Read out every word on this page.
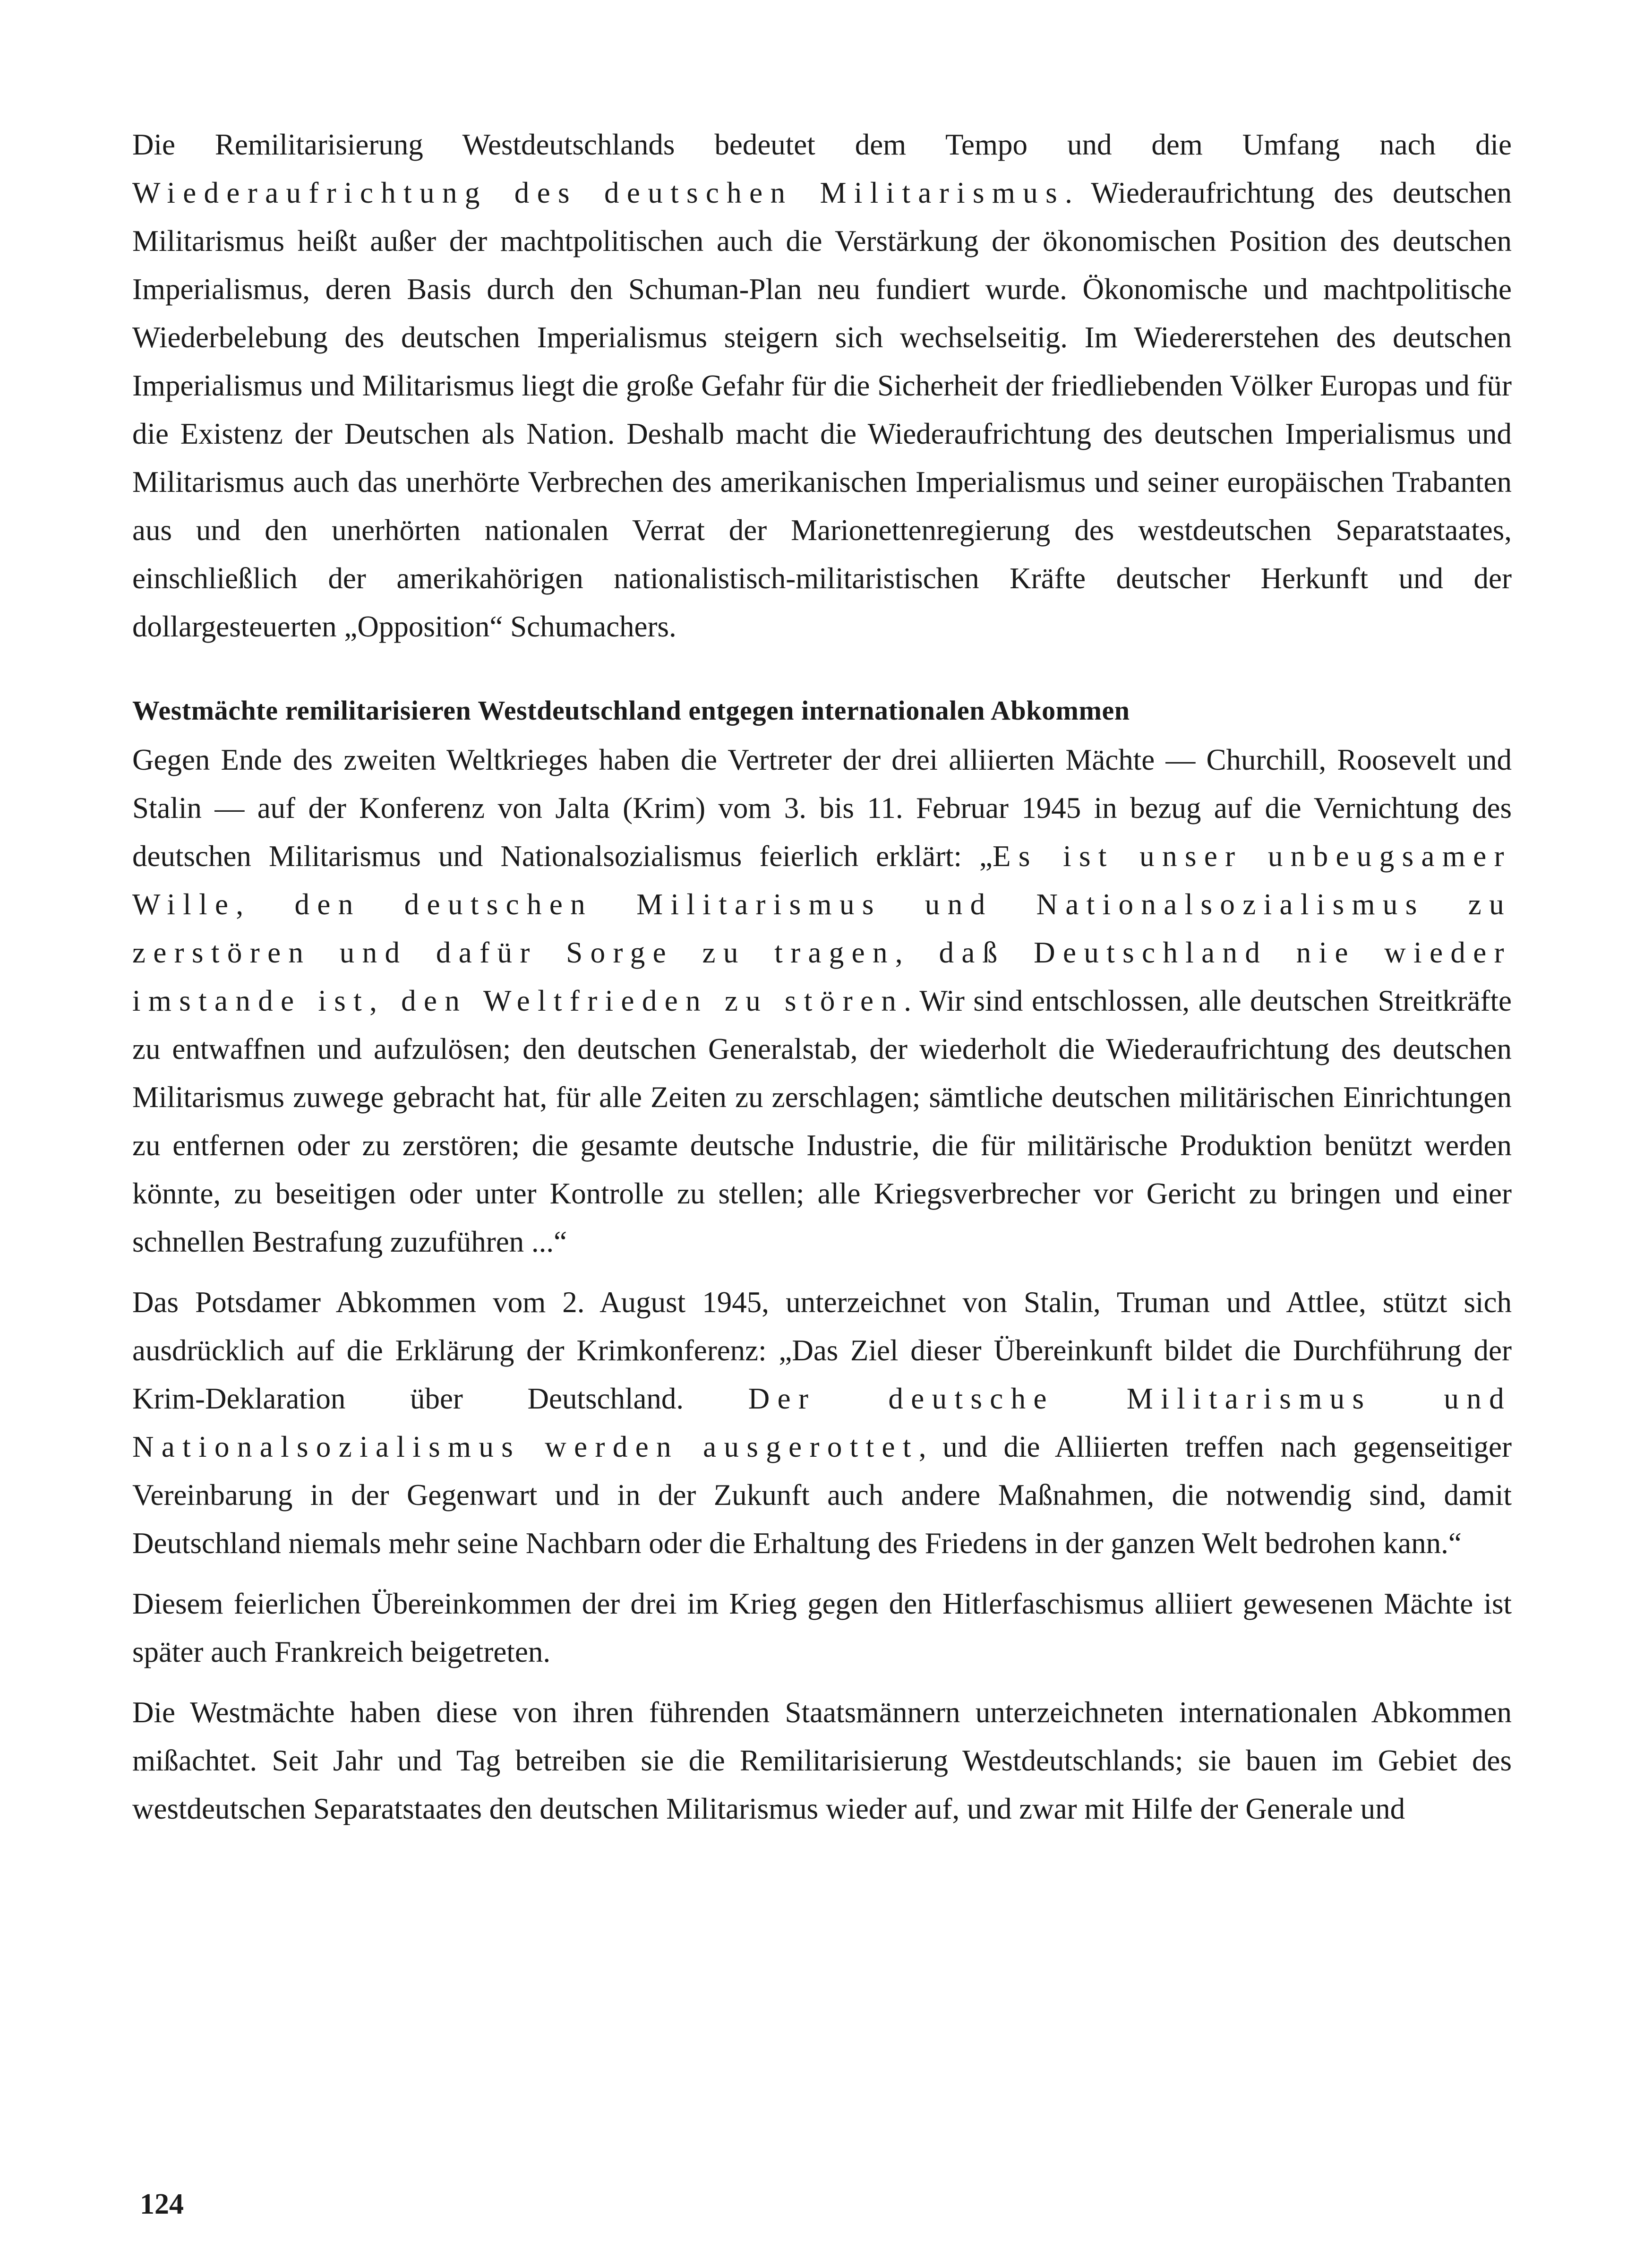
Die Remilitarisierung Westdeutschlands bedeutet dem Tempo und dem Umfang nach die Wiederaufrichtung des deutschen Militarismus. Wiederaufrichtung des deutschen Militarismus heißt außer der machtpolitischen auch die Verstärkung der ökonomischen Position des deutschen Imperialismus, deren Basis durch den Schuman-Plan neu fundiert wurde. Ökonomische und machtpolitische Wiederbelebung des deutschen Imperialismus steigern sich wechselseitig. Im Wiedererstehen des deutschen Imperialismus und Militarismus liegt die große Gefahr für die Sicherheit der friedliebenden Völker Europas und für die Existenz der Deutschen als Nation. Deshalb macht die Wiederaufrichtung des deutschen Imperialismus und Militarismus auch das unerhörte Verbrechen des amerikanischen Imperialismus und seiner europäischen Trabanten aus und den unerhörten nationalen Verrat der Marionettenregierung des westdeutschen Separatstaates, einschließlich der amerikahörigen nationalistisch-militaristischen Kräfte deutscher Herkunft und der dollargesteuerten „Opposition“ Schumachers.

Westmächte remilitarisieren Westdeutschland entgegen internationalen Abkommen

Gegen Ende des zweiten Weltkrieges haben die Vertreter der drei alliierten Mächte — Churchill, Roosevelt und Stalin — auf der Konferenz von Jalta (Krim) vom 3. bis 11. Februar 1945 in bezug auf die Vernichtung des deutschen Militarismus und Nationalsozialismus feierlich erklärt: „Es ist unser unbeugsamer Wille, den deutschen Militarismus und Nationalsozialismus zu zerstören und dafür Sorge zu tragen, daß Deutschland nie wieder imstande ist, den Weltfrieden zu stören. Wir sind entschlossen, alle deutschen Streitkräfte zu entwaffnen und aufzulösen; den deutschen Generalstab, der wiederholt die Wiederaufrichtung des deutschen Militarismus zuwege gebracht hat, für alle Zeiten zu zerschlagen; sämtliche deutschen militärischen Einrichtungen zu entfernen oder zu zerstören; die gesamte deutsche Industrie, die für militärische Produktion benützt werden könnte, zu beseitigen oder unter Kontrolle zu stellen; alle Kriegsverbrecher vor Gericht zu bringen und einer schnellen Bestrafung zuzuführen ...“

Das Potsdamer Abkommen vom 2. August 1945, unterzeichnet von Stalin, Truman und Attlee, stützt sich ausdrücklich auf die Erklärung der Krimkonferenz: „Das Ziel dieser Übereinkunft bildet die Durchführung der Krim-Deklaration über Deutschland. Der deutsche Militarismus und Nationalsozialismus werden ausgerottet, und die Alliierten treffen nach gegenseitiger Vereinbarung in der Gegenwart und in der Zukunft auch andere Maßnahmen, die notwendig sind, damit Deutschland niemals mehr seine Nachbarn oder die Erhaltung des Friedens in der ganzen Welt bedrohen kann.“

Diesem feierlichen Übereinkommen der drei im Krieg gegen den Hitlerfaschismus alliiert gewesenen Mächte ist später auch Frankreich beigetreten.

Die Westmächte haben diese von ihren führenden Staatsmännern unterzeichneten internationalen Abkommen mißachtet. Seit Jahr und Tag betreiben sie die Remilitarisierung Westdeutschlands; sie bauen im Gebiet des westdeutschen Separatstaates den deutschen Militarismus wieder auf, und zwar mit Hilfe der Generale und

124
